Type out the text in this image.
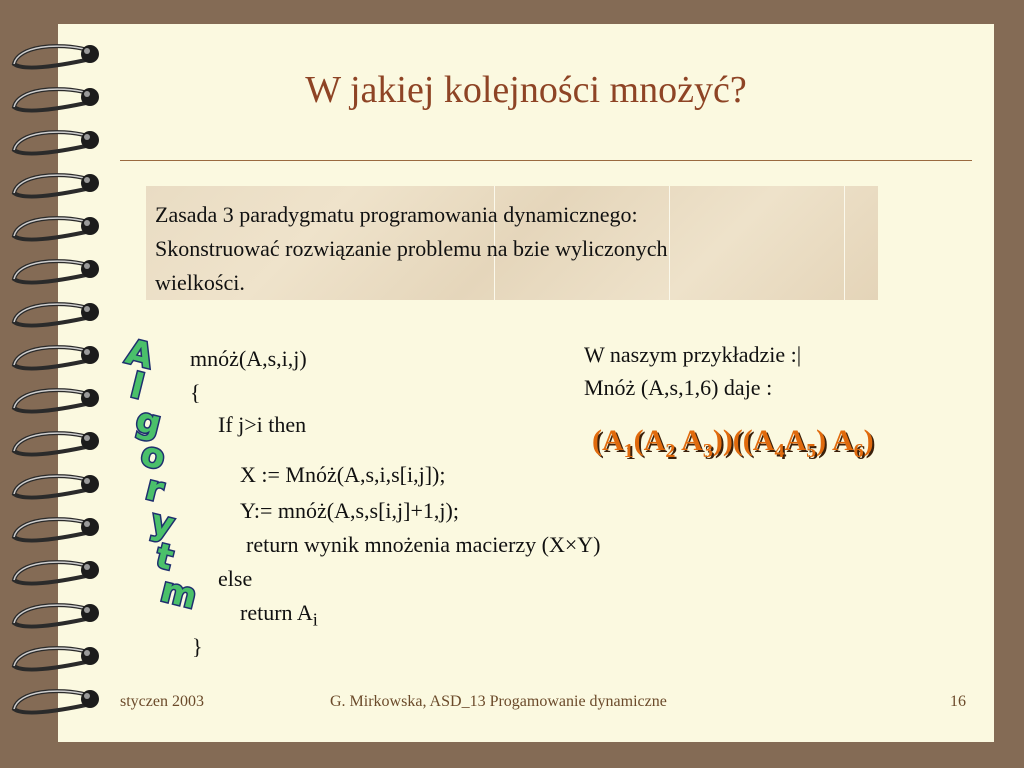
W jakiej kolejności mnożyć?
Zasada 3 paradygmatu programowania dynamicznego:
Skonstruować rozwiązanie problemu na bzie wyliczonych
wielkości.
A
l
g
o
r
y
t
m
mnóż(A,s,i,j)
{
If j>i then
X := Mnóż(A,s,i,s[i,j]);
Y:= mnóż(A,s,s[i,j]+1,j);
return wynik mnożenia macierzy (X×Y)
else
return $A_i$
}
W naszym przykładzie :|
Mnóż (A,s,1,6) daje :
($A_1(A_2$ $A_3))((A_4A_5)$ $A_6$)
styczen 2003	G. Mirkowska, ASD_13 Progamowanie dynamiczne	16
